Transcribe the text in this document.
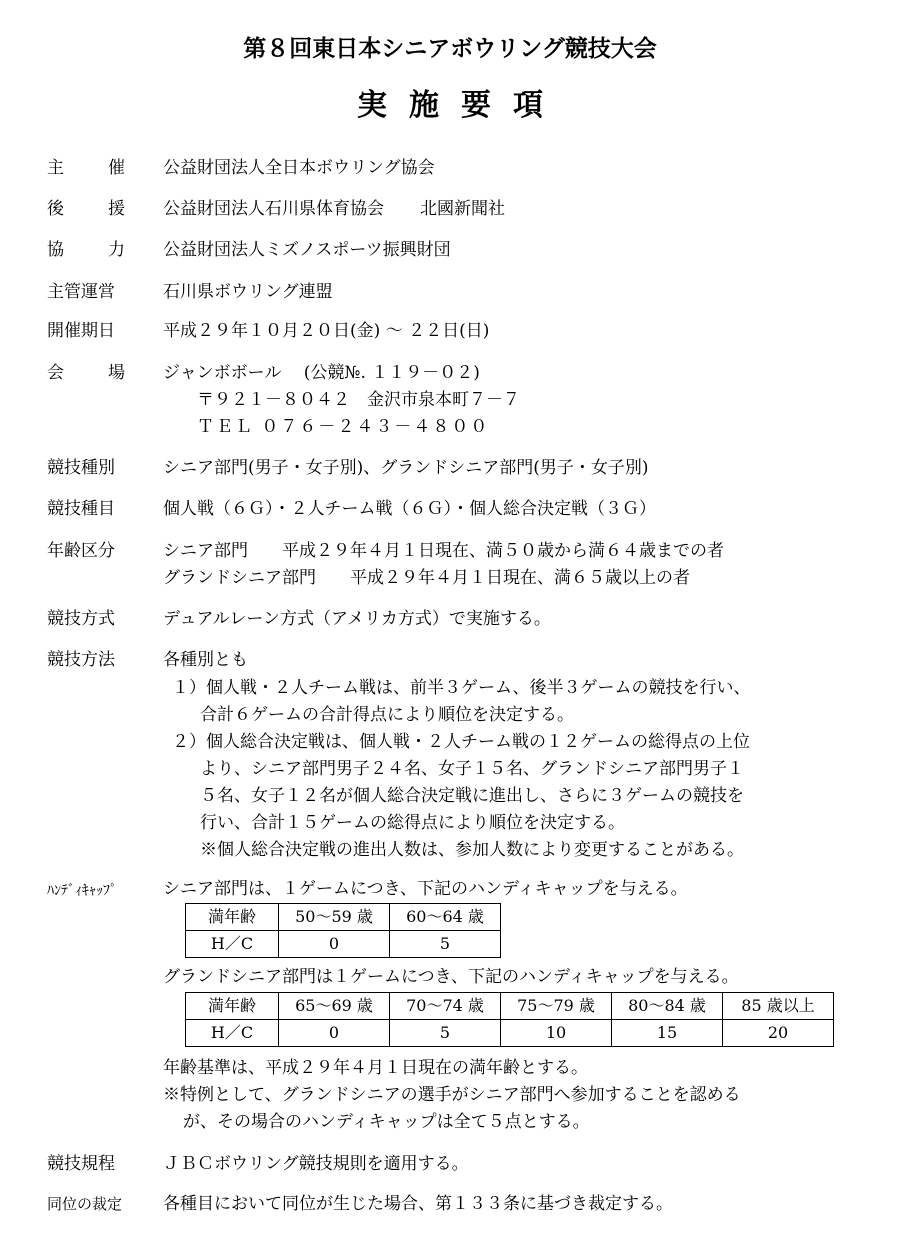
第８回東日本シニアボウリング競技大会
実施要項
主	催 公益財団法人全日本ボウリング協会
後	援 公益財団法人石川県体育協会 北國新聞社
協	力 公益財団法人ミズノスポーツ振興財団
主管運営	石川県ボウリング連盟
開催期日	平成２９年１０月２０日(金) 〜 ２２日(日)
会	場 ジャンボボール　 (公競№. １１９－０２)
〒９２１－８０４２　金沢市泉本町７－７
ＴＥＬ ０７６－２４３－４８００
競技種別	シニア部門(男子・女子別)、グランドシニア部門(男子・女子別)
競技種目	個人戦（６Ｇ）・２人チーム戦（６Ｇ）・個人総合決定戦（３Ｇ）
年齢区分	シニア部門　　平成２９年４月１日現在、満５０歳から満６４歳までの者
グランドシニア部門　　平成２９年４月１日現在、満６５歳以上の者
競技方式	デュアルレーン方式（アメリカ方式）で実施する。
競技方法	各種別とも
１）個人戦・２人チーム戦は、前半３ゲーム、後半３ゲームの競技を行い、
合計６ゲームの合計得点により順位を決定する。
２）個人総合決定戦は、個人戦・２人チーム戦の１２ゲームの総得点の上位
より、シニア部門男子２４名、女子１５名、グランドシニア部門男子１
５名、女子１２名が個人総合決定戦に進出し、さらに３ゲームの競技を
行い、合計１５ゲームの総得点により順位を決定する。
※個人総合決定戦の進出人数は、参加人数により変更することがある。
ﾊﾝﾃﾞｨｷｬｯﾌﾟ	シニア部門は、１ゲームにつき、下記のハンディキャップを与える。
満年齢	50～59 歳	60～64 歳
H／C	0	5
グランドシニア部門は１ゲームにつき、下記のハンディキャップを与える。
満年齢	65～69 歳	70～74 歳	75～79 歳	80～84 歳	85 歳以上
H／C	0	5	10	15	20
年齢基準は、平成２９年４月１日現在の満年齢とする。
※特例として、グランドシニアの選手がシニア部門へ参加することを認める
が、その場合のハンディキャップは全て５点とする。
競技規程	ＪＢＣボウリング競技規則を適用する。
同位の裁定 各種目において同位が生じた場合、第１３３条に基づき裁定する。
